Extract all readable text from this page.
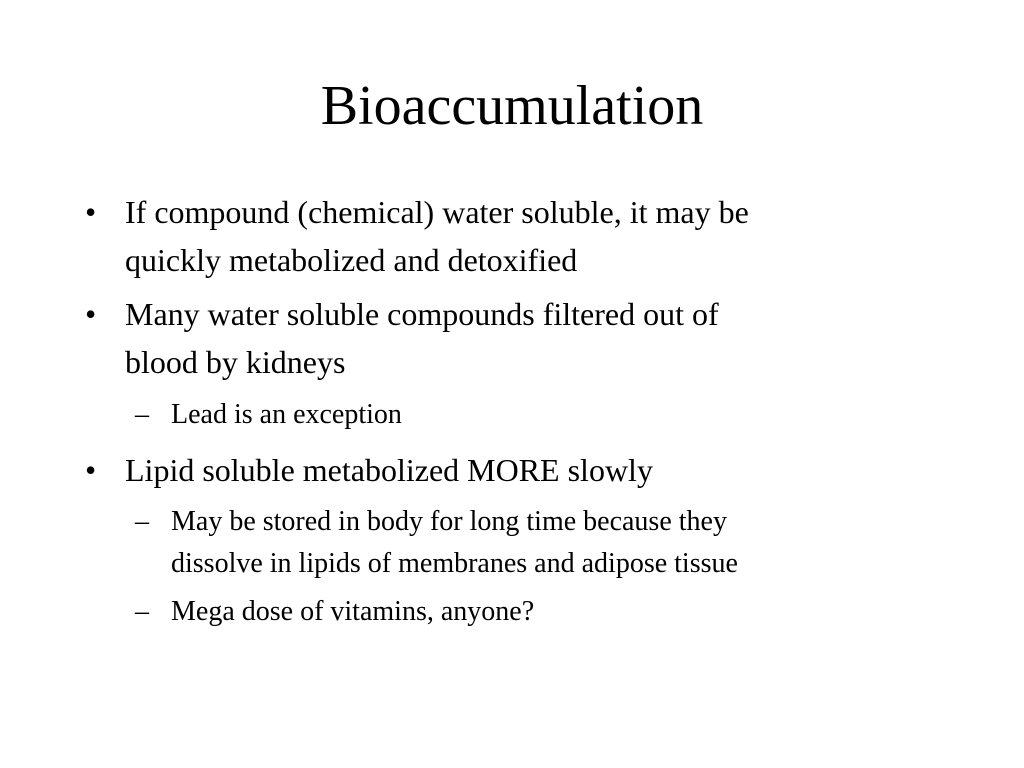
Bioaccumulation
• If compound (chemical) water soluble, it may be
quickly metabolized and detoxified
• Many water soluble compounds filtered out of
blood by kidneys
– Lead is an exception
• Lipid soluble metabolized MORE slowly
– May be stored in body for long time because they
dissolve in lipids of membranes and adipose tissue
– Mega dose of vitamins, anyone?
